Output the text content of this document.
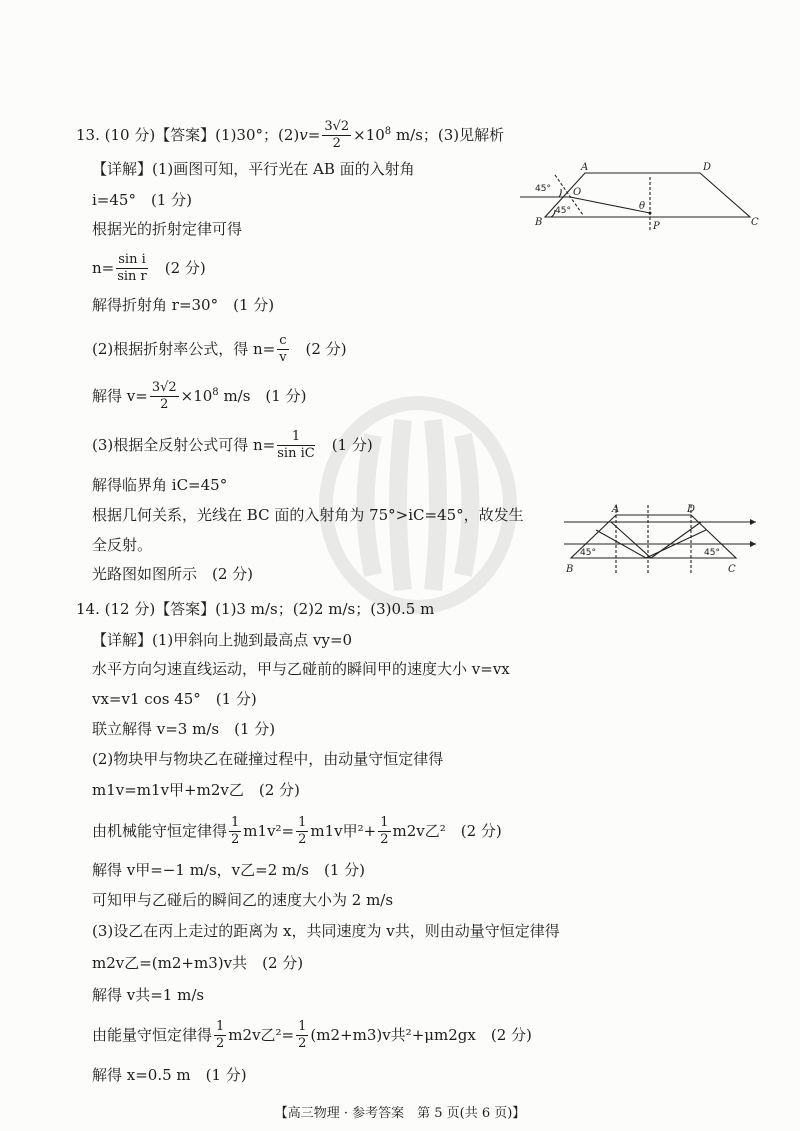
13. (10 分)【答案】(1)30°；$(2)v= \frac{3√2}{2} \times 10^8$ m/s；(3)见解析
【详解】(1)画图可知，平行光在 AB 面的入射角
i=45°　(1 分)
根据光的折射定律可得
$n= \frac{\text{sin i}}{\text{sin r}}$ 　(2 分)
解得折射角 r=30°　(1 分)
(2)根据折射率公式，得 $n= \frac{c}{v}$ 　(2 分)
解得 $v= \frac{3√2}{2} \times 10^8$ m/s　(1 分)
(3)根据全反射公式可得 $n= \frac{1}{\text{sin iC}}$ 　(1 分)
解得临界角 iC=45°
根据几何关系，光线在 BC 面的入射角为 75°>iC=45°，故发生
全反射。
光路图如图所示　(2 分)
A	D
B	C
O
P
θ
45°
45°
A	D
B	C
45°	45°
14. (12 分)【答案】(1)3 m/s；(2)2 m/s；(3)0.5 m
【详解】(1)甲斜向上抛到最高点 vy=0
水平方向匀速直线运动，甲与乙碰前的瞬间甲的速度大小 v=vx
vx=v1 cos 45°　(1 分)
联立解得 v=3 m/s　(1 分)
(2)物块甲与物块乙在碰撞过程中，由动量守恒定律得
m1v=m1v甲+m2v乙　(2 分)
由机械能守恒定律得 $\frac{1}{2} m1v^2= \frac{1}{2} m1v$甲$^2+ \frac{1}{2} m2v$乙²　(2 分)
解得 v甲=−1 m/s，v乙=2 m/s　(1 分)
可知甲与乙碰后的瞬间乙的速度大小为 2 m/s
(3)设乙在丙上走过的距离为 x，共同速度为 v共，则由动量守恒定律得
m2v乙=(m2+m3)v共　(2 分)
解得 v共=1 m/s
由能量守恒定律得 $\frac{1}{2} m2v$乙$^2= \frac{1}{2} (m2+m3)v$共²+μm2gx　(2 分)
解得 x=0.5 m　(1 分)
【高三物理 · 参考答案　第 5 页(共 6 页)】
